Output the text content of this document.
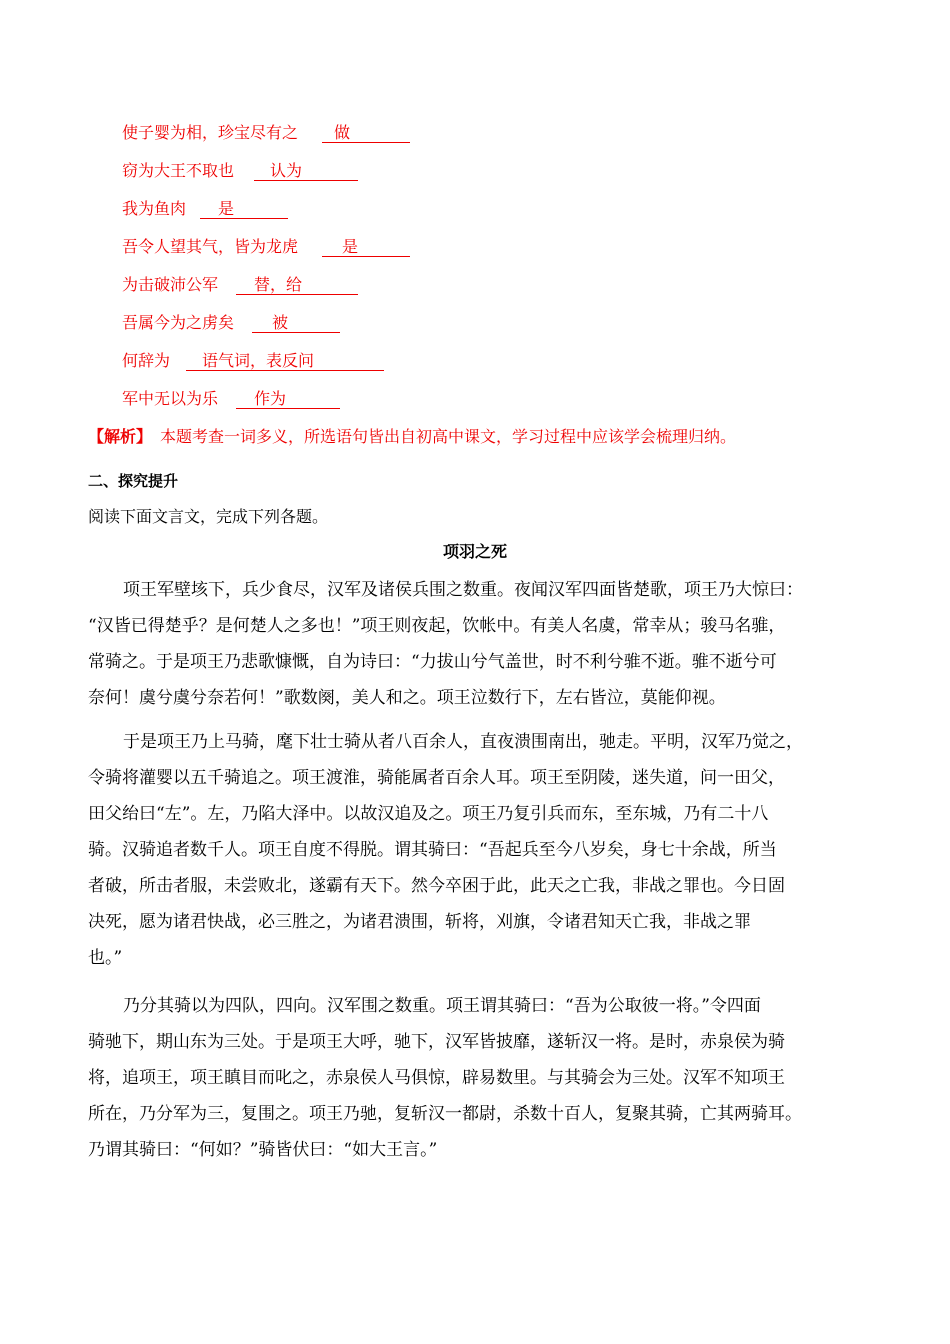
使子婴为相，珍宝尽有之 做
窃为大王不取也 认为
我为鱼肉 是
吾令人望其气，皆为龙虎	是
为击破沛公军 替，给
吾属今为之虏矣 被
何辞为 语气词，表反问
军中无以为乐 作为
【解析】 本题考查一词多义，所选语句皆出自初高中课文，学习过程中应该学会梳理归纳。
二、探究提升
阅读下面文言文，完成下列各题。
项羽之死
项王军壁垓下，兵少食尽，汉军及诸侯兵围之数重。夜闻汉军四面皆楚歌，项王乃大惊曰：
“汉皆已得楚乎？是何楚人之多也！”项王则夜起，饮帐中。有美人名虞，常幸从；骏马名骓，
常骑之。于是项王乃悲歌慷慨，自为诗曰：“力拔山兮气盖世，时不利兮骓不逝。骓不逝兮可
奈何！虞兮虞兮奈若何！”歌数阕，美人和之。项王泣数行下，左右皆泣，莫能仰视。
于是项王乃上马骑，麾下壮士骑从者八百余人，直夜溃围南出，驰走。平明，汉军乃觉之，
令骑将灌婴以五千骑追之。项王渡淮，骑能属者百余人耳。项王至阴陵，迷失道，问一田父，
田父绐曰“左”。左，乃陷大泽中。以故汉追及之。项王乃复引兵而东，至东城，乃有二十八
骑。汉骑追者数千人。项王自度不得脱。谓其骑曰：“吾起兵至今八岁矣，身七十余战，所当
者破，所击者服，未尝败北，遂霸有天下。然今卒困于此，此天之亡我，非战之罪也。今日固
决死，愿为诸君快战，必三胜之，为诸君溃围，斩将，刈旗，令诸君知天亡我，非战之罪
也。”
乃分其骑以为四队，四向。汉军围之数重。项王谓其骑曰：“吾为公取彼一将。”令四面
骑驰下，期山东为三处。于是项王大呼，驰下，汉军皆披靡，遂斩汉一将。是时，赤泉侯为骑
将，追项王，项王瞋目而叱之，赤泉侯人马俱惊，辟易数里。与其骑会为三处。汉军不知项王
所在，乃分军为三，复围之。项王乃驰，复斩汉一都尉，杀数十百人，复聚其骑，亡其两骑耳。
乃谓其骑曰：“何如？”骑皆伏曰：“如大王言。”
